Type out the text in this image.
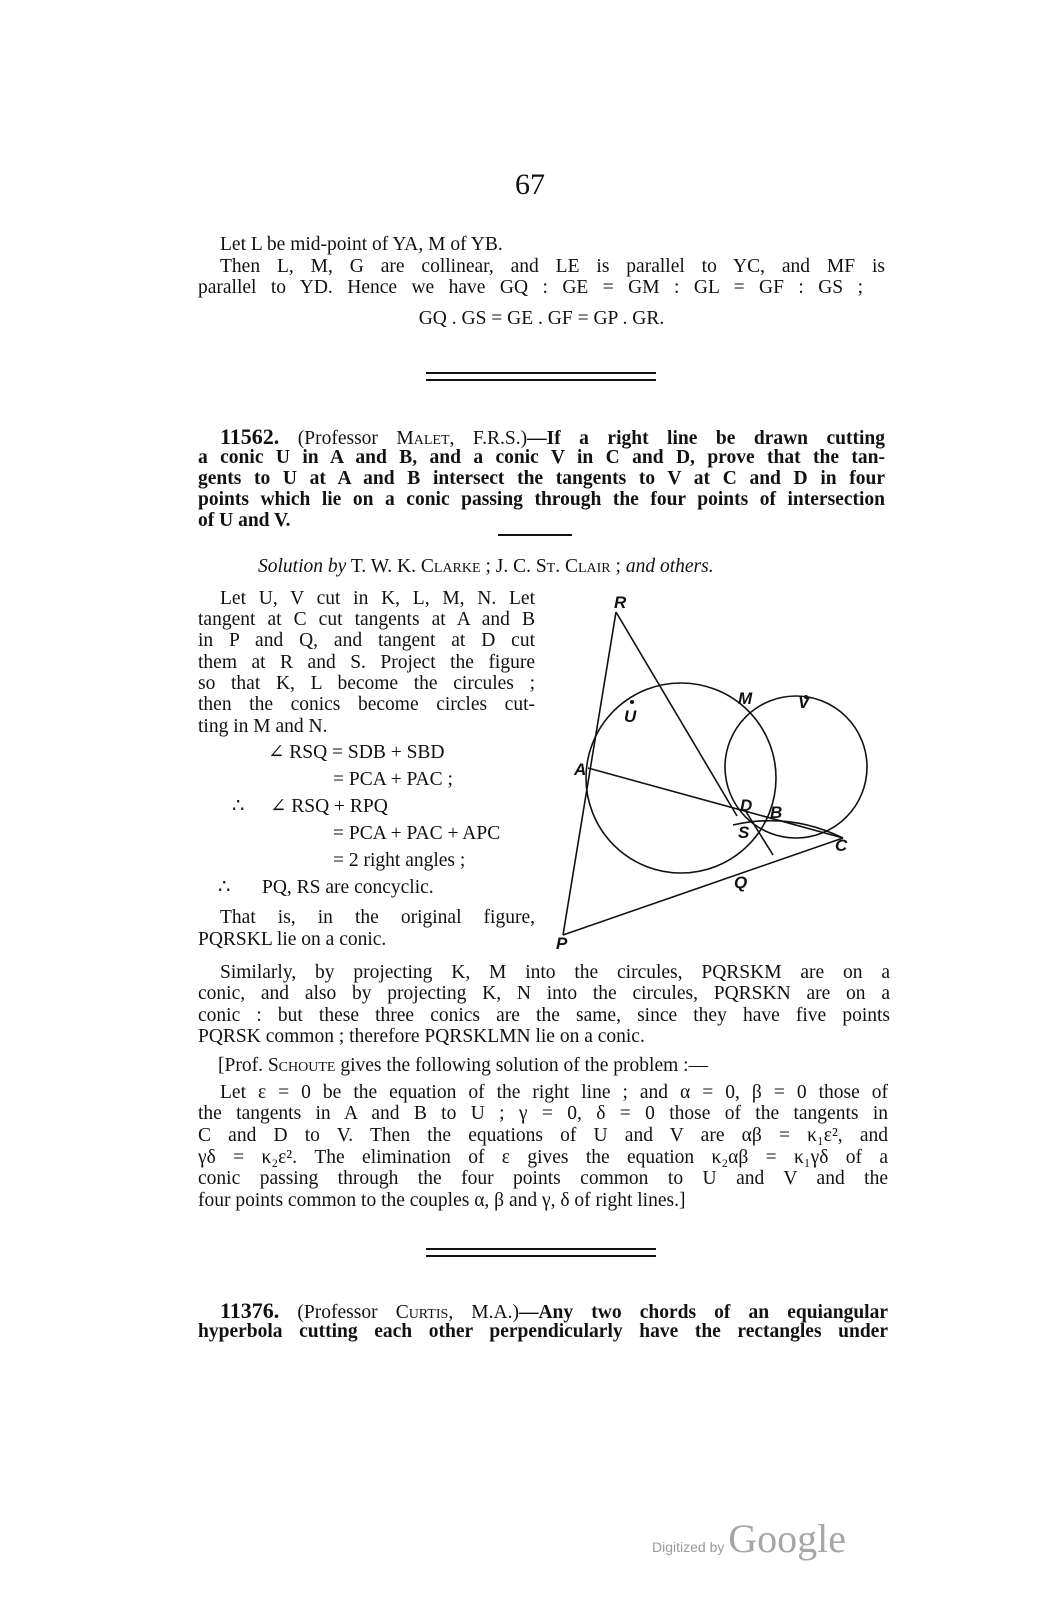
67
Let L be mid-point of YA, M of YB.
Then L, M, G are collinear, and LE is parallel to YC, and MF is
parallel to YD. Hence we have GQ : GE = GM : GL = GF : GS ;
GQ . GS = GE . GF = GP . GR.
11562. (Professor Malet, F.R.S.)—If a right line be drawn cutting
a conic U in A and B, and a conic V in C and D, prove that the tan-
gents to U at A and B intersect the tangents to V at C and D in four
points which lie on a conic passing through the four points of intersection
of U and V.
Solution by T. W. K. Clarke ; J. C. St. Clair ; and others.
Let U, V cut in K, L, M, N. Let
tangent at C cut tangents at A and B
in P and Q, and tangent at D cut
them at R and S. Project the figure
so that K, L become the circules ;
then the conics become circles cut-
ting in M and N.
∠ RSQ = SDB + SBD
= PCA + PAC ;
∴ ∠ RSQ + RPQ
= PCA + PAC + APC
= 2 right angles ;
∴ PQ, RS are concyclic.
That is, in the original figure,
PQRSKL lie on a conic.
R
M	V
U
A
D B
S
C
Q
P
Similarly, by projecting K, M into the circules, PQRSKM are on a
conic, and also by projecting K, N into the circules, PQRSKN are on a
conic : but these three conics are the same, since they have five points
PQRSK common ; therefore PQRSKLMN lie on a conic.
[Prof. Schoute gives the following solution of the problem :—
Let ε = 0 be the equation of the right line ; and α = 0, β = 0 those of
the tangents in A and B to U ; γ = 0, δ = 0 those of the tangents in
C and D to V. Then the equations of U and V are αβ = κ₁ε², and
γδ = κ₂ε². The elimination of ε gives the equation κ₂αβ = κ₁γδ of a
conic passing through the four points common to U and V and the
four points common to the couples α, β and γ, δ of right lines.]
11376. (Professor Curtis, M.A.)—Any two chords of an equiangular
hyperbola cutting each other perpendicularly have the rectangles under
Digitized by Google
